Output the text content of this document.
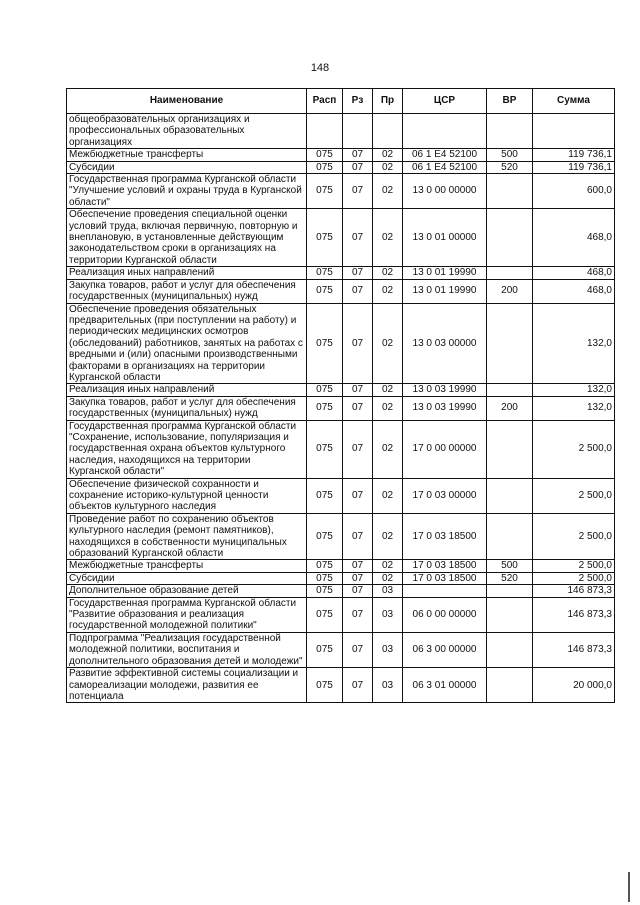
148
Наименование	Расп	Рз	Пр	ЦСР	ВР	Сумма
общеобразовательных организациях и профессиональных образовательных организациях						
Межбюджетные трансферты	075	07	02	06 1 E4 52100	500	119 736,1
Субсидии	075	07	02	06 1 E4 52100	520	119 736,1
Государственная программа Курганской области "Улучшение условий и охраны труда в Курганской области"	075	07	02	13 0 00 00000		600,0
Обеспечение проведения специальной оценки условий труда, включая первичную, повторную и внеплановую, в установленные действующим законодательством сроки в организациях на территории Курганской области	075	07	02	13 0 01 00000		468,0
Реализация иных направлений	075	07	02	13 0 01 19990		468,0
Закупка товаров, работ и услуг для обеспечения государственных (муниципальных) нужд	075	07	02	13 0 01 19990	200	468,0
Обеспечение проведения обязательных предварительных (при поступлении на работу) и периодических медицинских осмотров (обследований) работников, занятых на работах с вредными и (или) опасными производственными факторами в организациях на территории Курганской области	075	07	02	13 0 03 00000		132,0
Реализация иных направлений	075	07	02	13 0 03 19990		132,0
Закупка товаров, работ и услуг для обеспечения государственных (муниципальных) нужд	075	07	02	13 0 03 19990	200	132,0
Государственная программа Курганской области "Сохранение, использование, популяризация и государственная охрана объектов культурного наследия, находящихся на территории Курганской области"	075	07	02	17 0 00 00000		2 500,0
Обеспечение физической сохранности и сохранение историко-культурной ценности объектов культурного наследия	075	07	02	17 0 03 00000		2 500,0
Проведение работ по сохранению объектов культурного наследия (ремонт памятников), находящихся в собственности муниципальных образований Курганской области	075	07	02	17 0 03 18500		2 500,0
Межбюджетные трансферты	075	07	02	17 0 03 18500	500	2 500,0
Субсидии	075	07	02	17 0 03 18500	520	2 500,0
Дополнительное образование детей	075	07	03			146 873,3
Государственная программа Курганской области "Развитие образования и реализация государственной молодежной политики"	075	07	03	06 0 00 00000		146 873,3
Подпрограмма "Реализация государственной молодежной политики, воспитания и дополнительного образования детей и молодежи"	075	07	03	06 3 00 00000		146 873,3
Развитие эффективной системы социализации и самореализации молодежи, развития ее потенциала	075	07	03	06 3 01 00000		20 000,0
